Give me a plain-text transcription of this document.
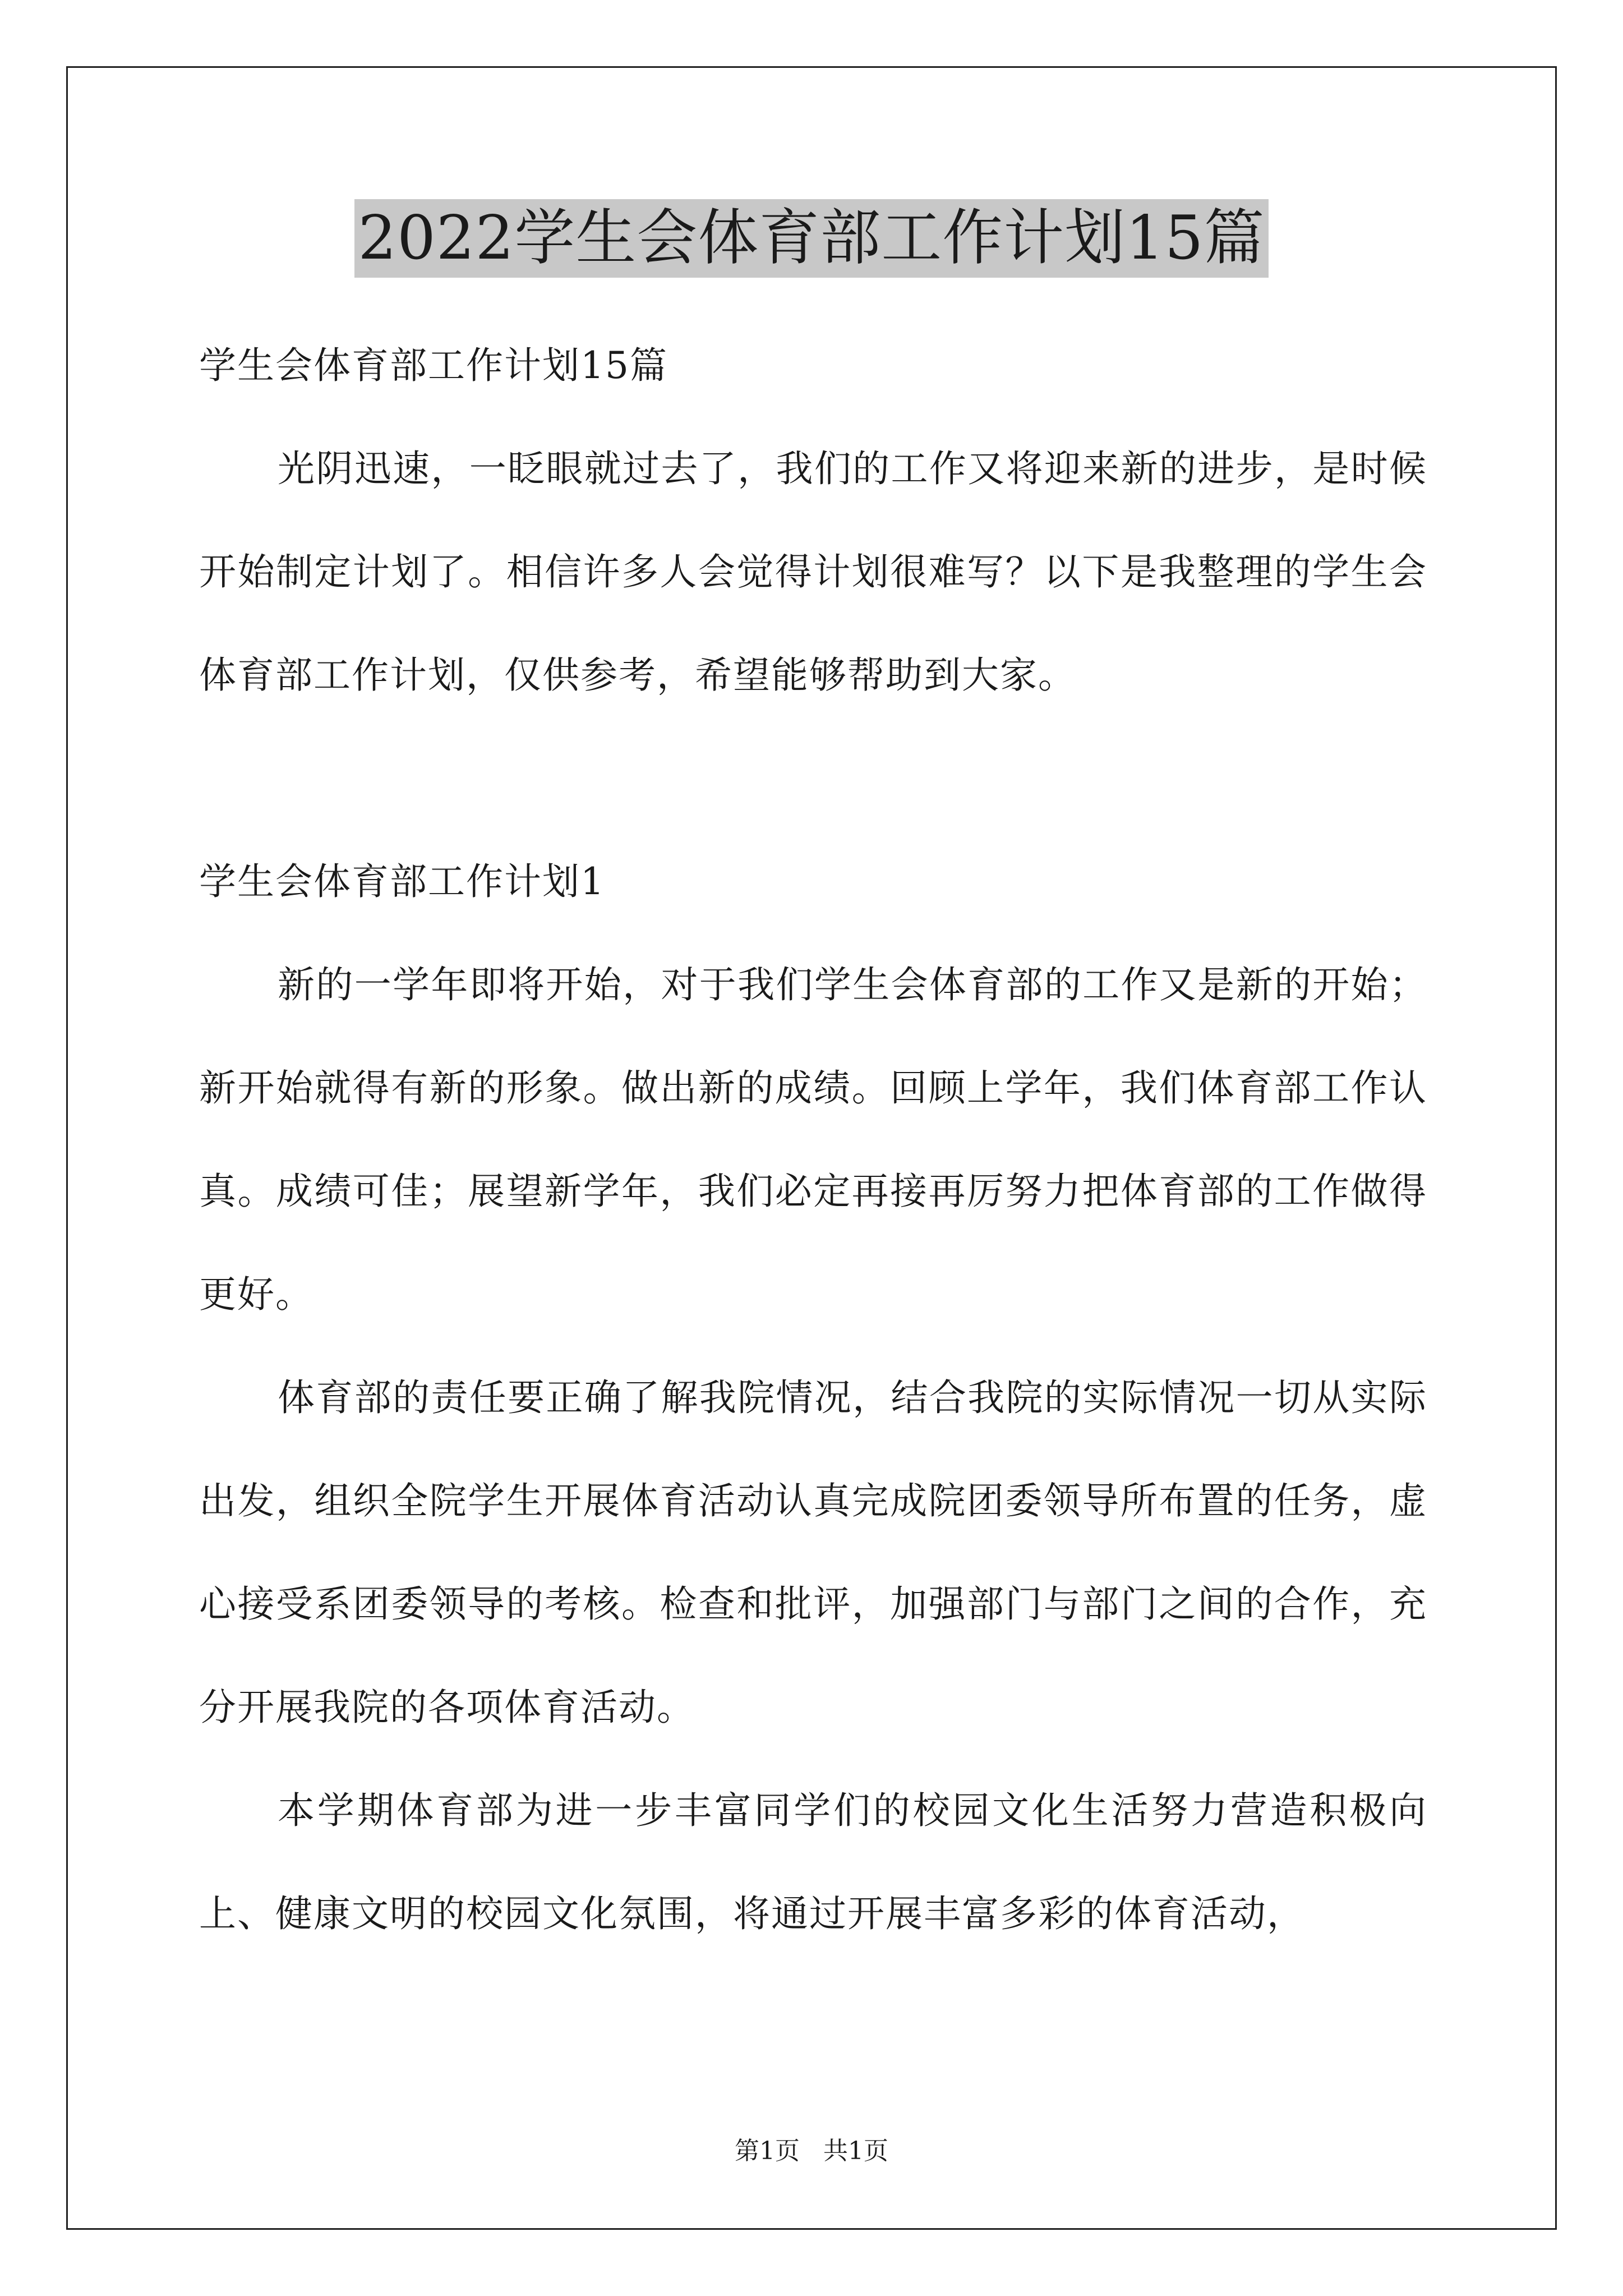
2022学生会体育部工作计划15篇

学生会体育部工作计划15篇

光阴迅速，一眨眼就过去了，我们的工作又将迎来新的进步，是时候开始制定计划了。相信许多人会觉得计划很难写？以下是我整理的学生会体育部工作计划，仅供参考，希望能够帮助到大家。

学生会体育部工作计划1

新的一学年即将开始，对于我们学生会体育部的工作又是新的开始；新开始就得有新的形象。做出新的成绩。回顾上学年，我们体育部工作认真。成绩可佳；展望新学年，我们必定再接再厉努力把体育部的工作做得更好。

体育部的责任要正确了解我院情况，结合我院的实际情况一切从实际出发，组织全院学生开展体育活动认真完成院团委领导所布置的任务，虚心接受系团委领导的考核。检查和批评，加强部门与部门之间的合作，充分开展我院的各项体育活动。

本学期体育部为进一步丰富同学们的校园文化生活努力营造积极向上、健康文明的校园文化氛围，将通过开展丰富多彩的体育活动，

第1页   共1页
